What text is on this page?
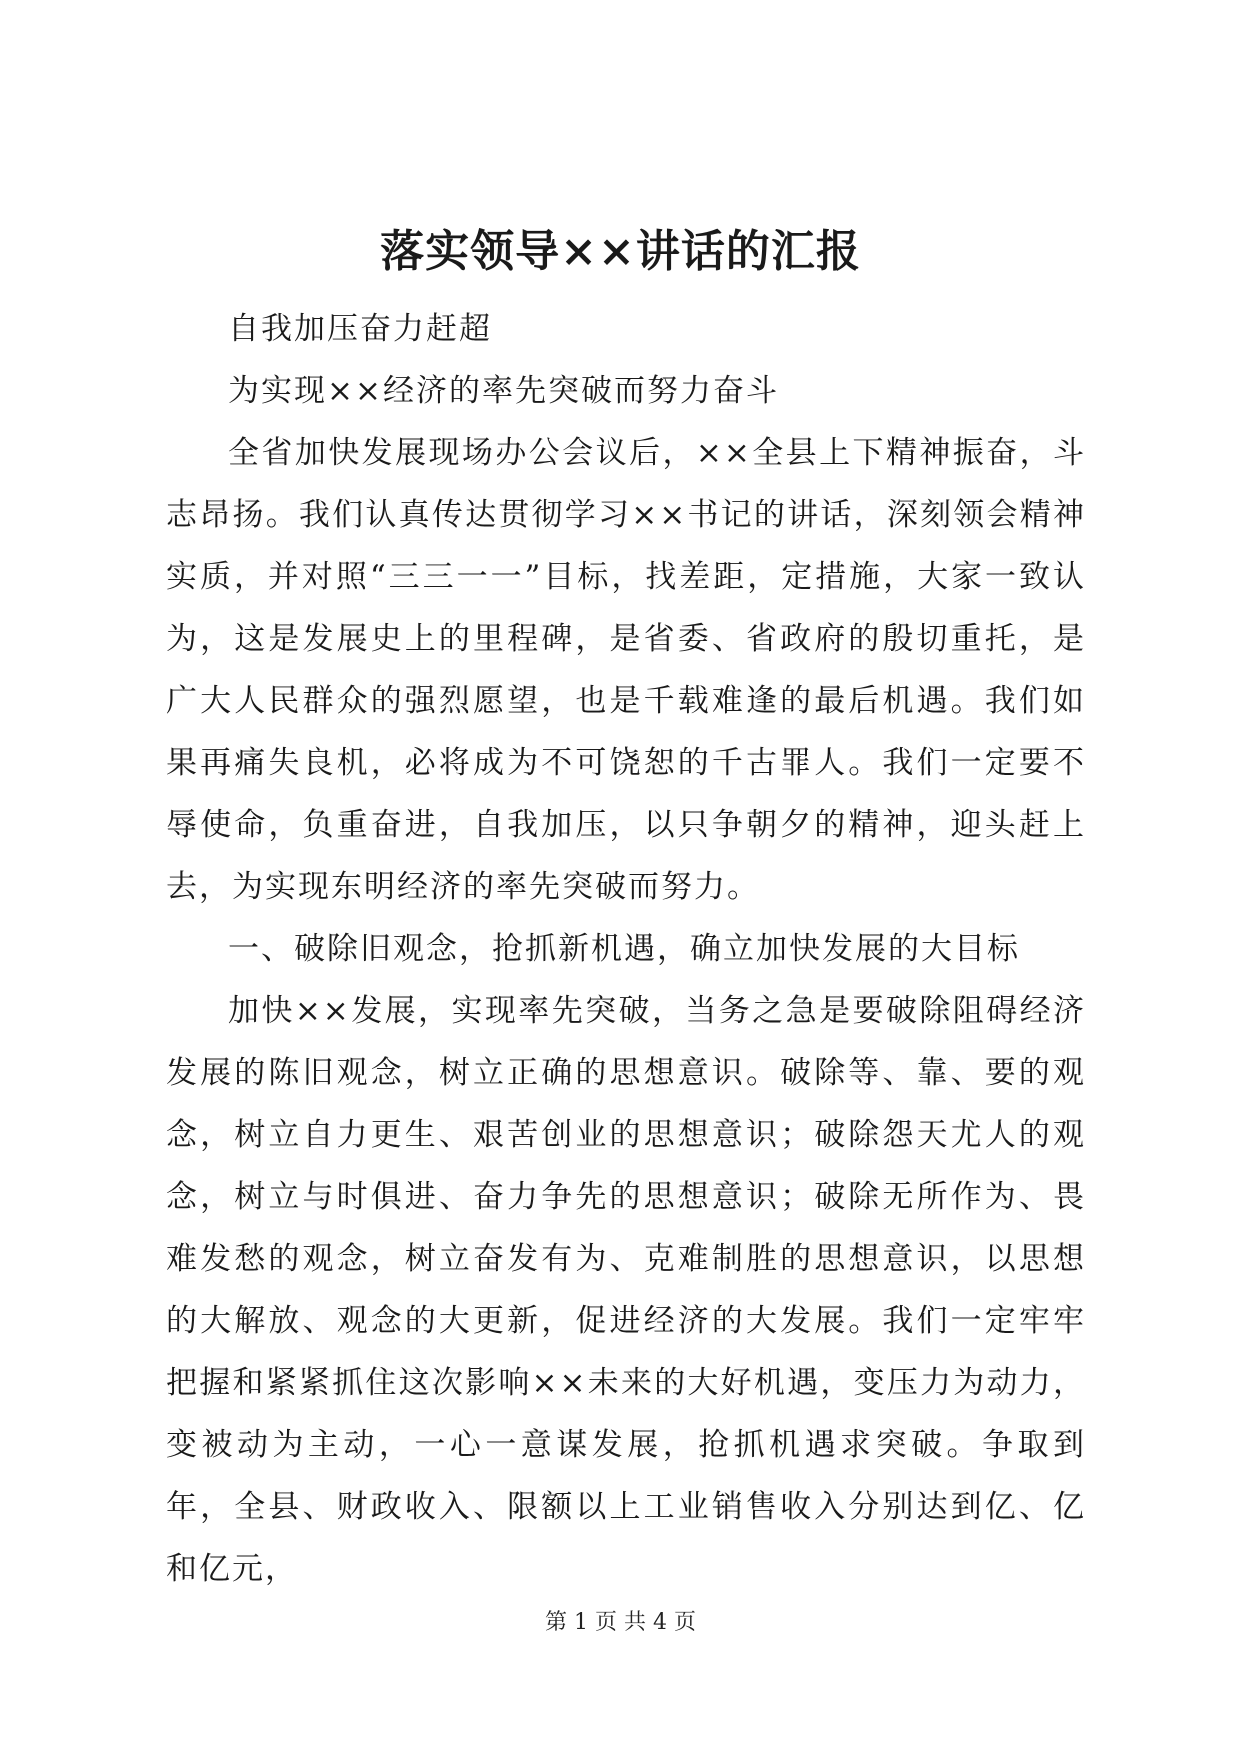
落实领导××讲话的汇报

自我加压奋力赶超

为实现××经济的率先突破而努力奋斗

全省加快发展现场办公会议后，××全县上下精神振奋，斗志昂扬。我们认真传达贯彻学习××书记的讲话，深刻领会精神实质，并对照“三三一一”目标，找差距，定措施，大家一致认为，这是发展史上的里程碑，是省委、省政府的殷切重托，是广大人民群众的强烈愿望，也是千载难逢的最后机遇。我们如果再痛失良机，必将成为不可饶恕的千古罪人。我们一定要不辱使命，负重奋进，自我加压，以只争朝夕的精神，迎头赶上去，为实现东明经济的率先突破而努力。

一、破除旧观念，抢抓新机遇，确立加快发展的大目标

加快××发展，实现率先突破，当务之急是要破除阻碍经济发展的陈旧观念，树立正确的思想意识。破除等、靠、要的观念，树立自力更生、艰苦创业的思想意识；破除怨天尤人的观念，树立与时俱进、奋力争先的思想意识；破除无所作为、畏难发愁的观念，树立奋发有为、克难制胜的思想意识，以思想的大解放、观念的大更新，促进经济的大发展。我们一定牢牢把握和紧紧抓住这次影响××未来的大好机遇，变压力为动力，变被动为主动，一心一意谋发展，抢抓机遇求突破。争取到年，全县、财政收入、限额以上工业销售收入分别达到亿、亿和亿元，

第 1 页 共 4 页
